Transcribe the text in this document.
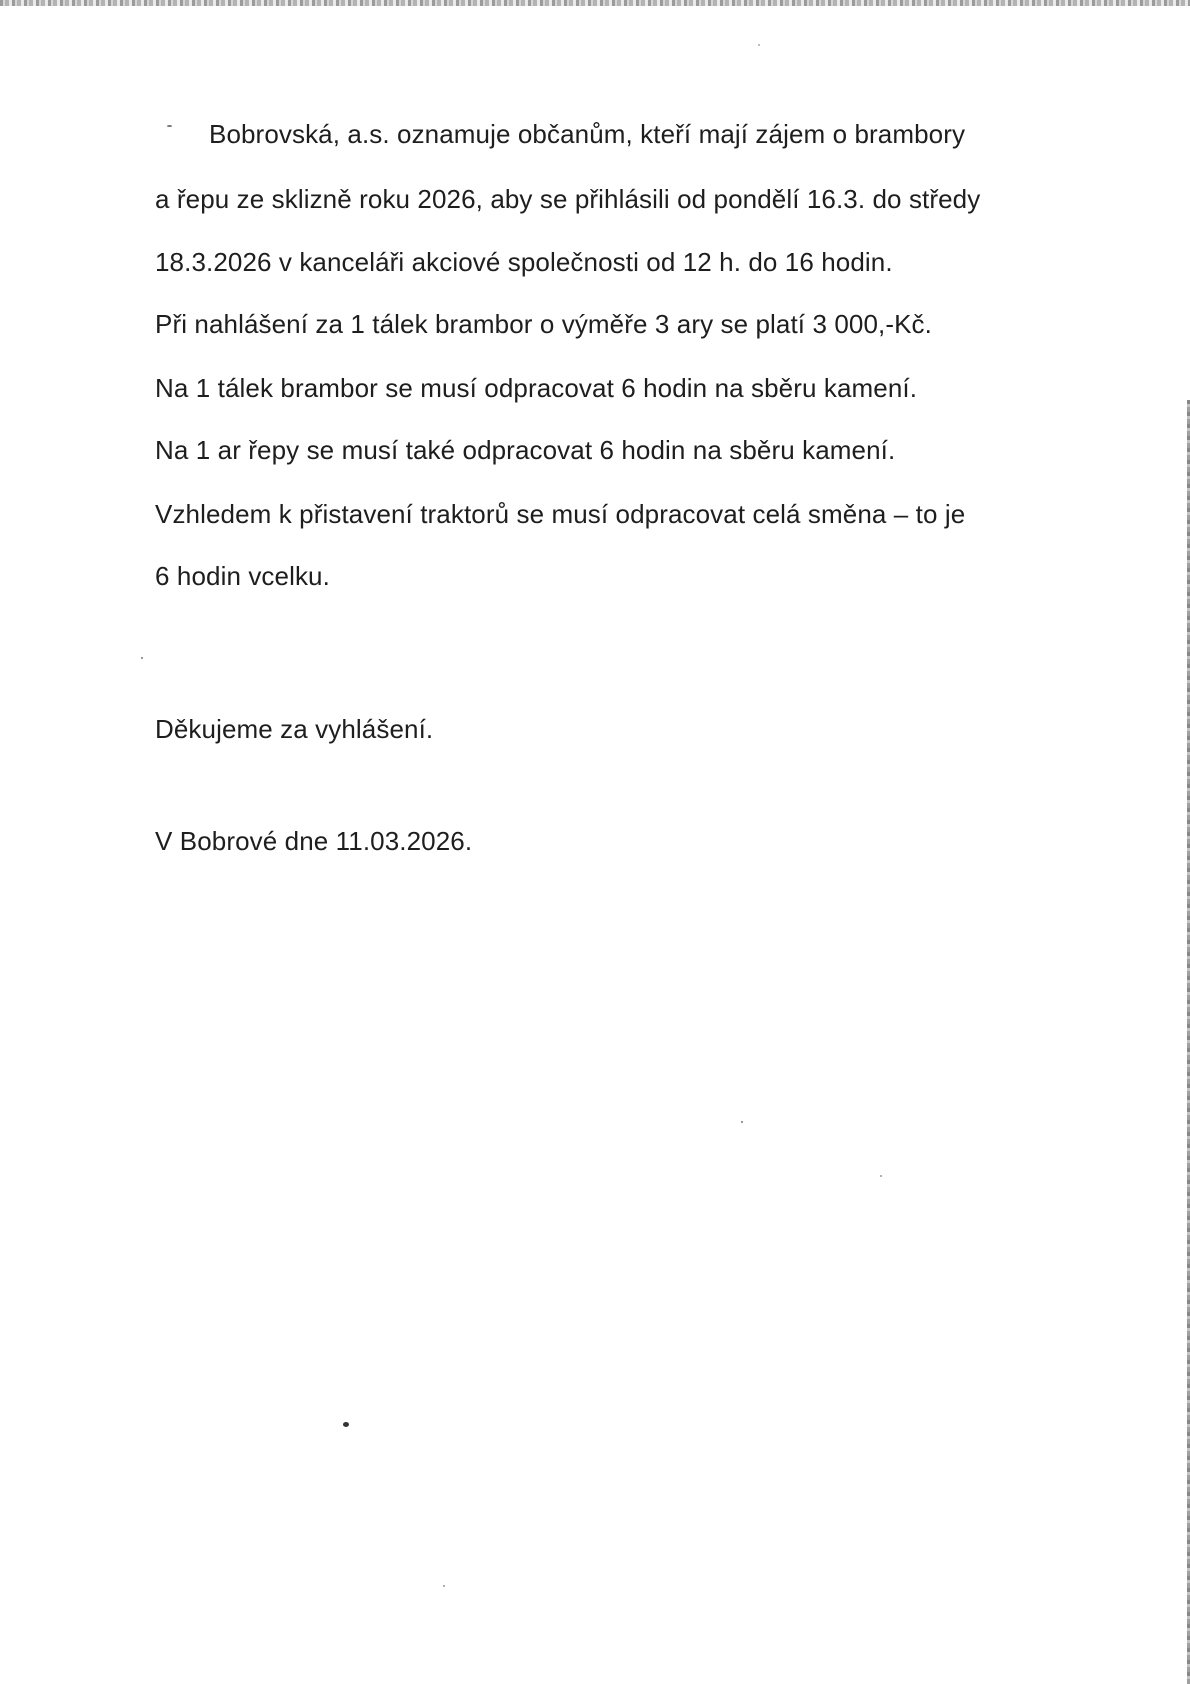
Bobrovská, a.s. oznamuje občanům, kteří mají zájem o brambory
a řepu ze sklizně roku 2026, aby se přihlásili od pondělí 16.3. do středy
18.3.2026 v kanceláři akciové společnosti od 12 h. do 16 hodin.
Při nahlášení za 1 tálek brambor o výměře 3 ary se platí 3 000,-Kč.
Na 1 tálek brambor se musí odpracovat 6 hodin na sběru kamení.
Na 1 ar řepy se musí také odpracovat 6 hodin na sběru kamení.
Vzhledem k přistavení traktorů se musí odpracovat celá směna – to je
6 hodin vcelku.
Děkujeme za vyhlášení.
V Bobrové dne 11.03.2026.
